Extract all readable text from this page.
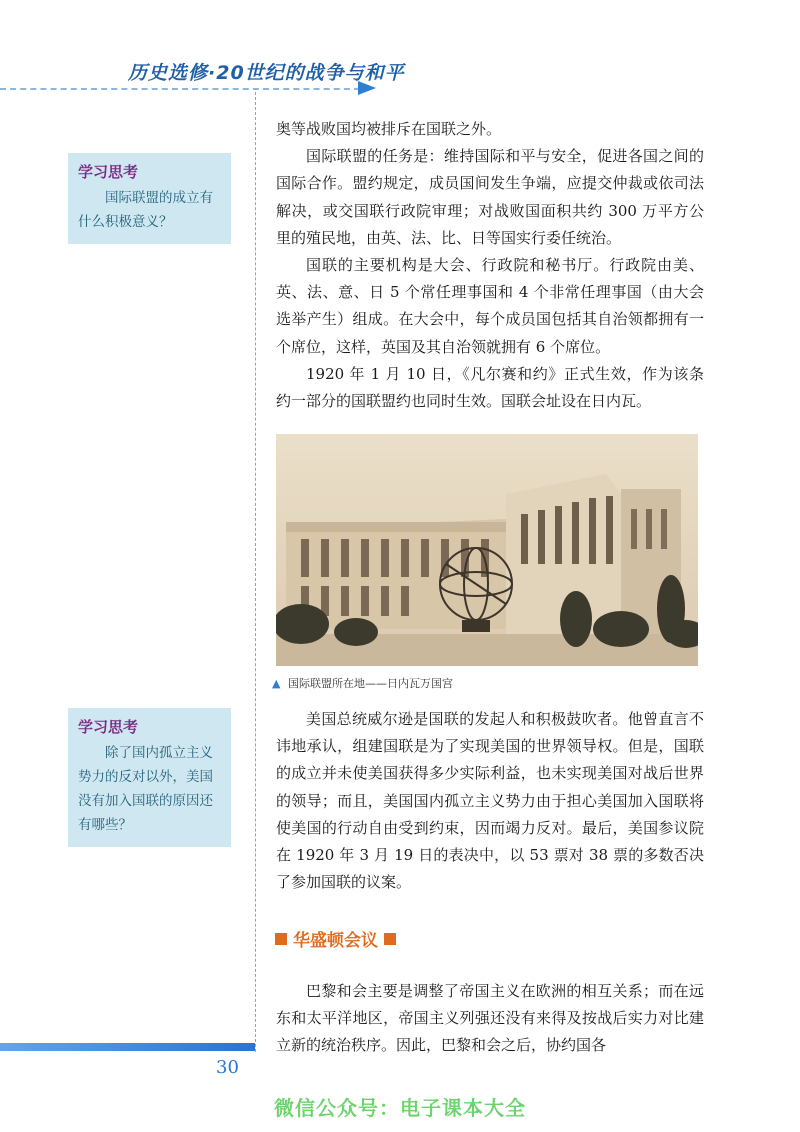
历史选修·20世纪的战争与和平
学习思考
国际联盟的成立有什么积极意义？
学习思考
除了国内孤立主义势力的反对以外，美国没有加入国联的原因还有哪些？

奥等战败国均被排斥在国联之外。

国际联盟的任务是：维持国际和平与安全，促进各国之间的国际合作。盟约规定，成员国间发生争端，应提交仲裁或依司法解决，或交国联行政院审理；对战败国面积共约 300 万平方公里的殖民地，由英、法、比、日等国实行委任统治。

国联的主要机构是大会、行政院和秘书厅。行政院由美、英、法、意、日 5 个常任理事国和 4 个非常任理事国（由大会选举产生）组成。在大会中，每个成员国包括其自治领都拥有一个席位，这样，英国及其自治领就拥有 6 个席位。

1920 年 1 月 10 日，《凡尔赛和约》正式生效，作为该条约一部分的国联盟约也同时生效。国联会址设在日内瓦。

▲ 国际联盟所在地——日内瓦万国宫

美国总统威尔逊是国联的发起人和积极鼓吹者。他曾直言不讳地承认，组建国联是为了实现美国的世界领导权。但是，国联的成立并未使美国获得多少实际利益，也未实现美国对战后世界的领导；而且，美国国内孤立主义势力由于担心美国加入国联将使美国的行动自由受到约束，因而竭力反对。最后，美国参议院在 1920 年 3 月 19 日的表决中，以 53 票对 38 票的多数否决了参加国联的议案。

华盛顿会议

巴黎和会主要是调整了帝国主义在欧洲的相互关系；而在远东和太平洋地区，帝国主义列强还没有来得及按战后实力对比建立新的统治秩序。因此，巴黎和会之后，协约国各

30
微信公众号：电子课本大全
